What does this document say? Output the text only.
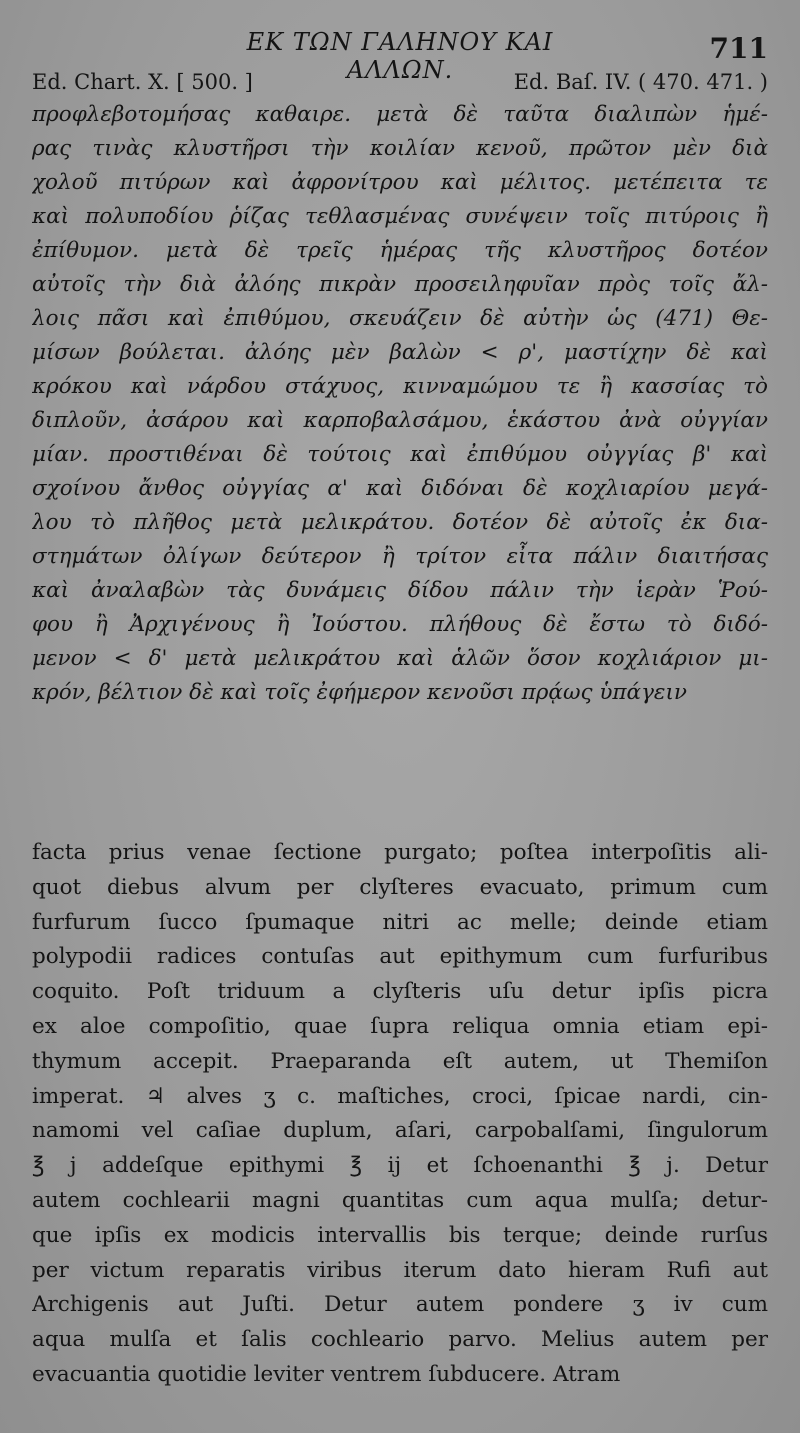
ΕΚ ΤΩΝ ΓΑΛΗΝΟΥ ΚΑΙ ΑΛΛΩΝ.
711
Ed. Chart. X. [ 500. ]	Ed. Baſ. IV. ( 470. 471. )
προφλεβοτομήσας καθαιρε. μετὰ δὲ ταῦτα διαλιπὼν ἡμέ-
ρας τινὰς κλυστῆρσι τὴν κοιλίαν κενοῦ, πρῶτον μὲν διὰ
χολοῦ πιτύρων καὶ ἀφρονίτρου καὶ μέλιτος. μετέπειτα τε
καὶ πολυποδίου ῥίζας τεθλασμένας συνέψειν τοῖς πιτύροις ἢ
ἐπίθυμον. μετὰ δὲ τρεῖς ἡμέρας τῆς κλυστῆρος δοτέον
αὐτοῖς τὴν διὰ ἀλόης πικρὰν προσειληφυῖαν πρὸς τοῖς ἄλ-
λοις πᾶσι καὶ ἐπιθύμου, σκευάζειν δὲ αὐτὴν ὡς (471) Θε-
μίσων βούλεται. ἀλόης μὲν βαλὼν < ρ', μαστίχην δὲ καὶ
κρόκου καὶ νάρδου στάχυος, κινναμώμου τε ἢ κασσίας τὸ
διπλοῦν, ἀσάρου καὶ καρποβαλσάμου, ἑκάστου ἀνὰ οὐγγίαν
μίαν. προστιθέναι δὲ τούτοις καὶ ἐπιθύμου οὐγγίας β' καὶ
σχοίνου ἄνθος οὐγγίας α' καὶ διδόναι δὲ κοχλιαρίου μεγά-
λου τὸ πλῆθος μετὰ μελικράτου. δοτέον δὲ αὐτοῖς ἐκ δια-
στημάτων ὀλίγων δεύτερον ἢ τρίτον εἶτα πάλιν διαιτήσας
καὶ ἀναλαβὼν τὰς δυνάμεις δίδου πάλιν τὴν ἱερὰν Ῥού-
φου ἢ Ἀρχιγένους ἢ Ἰούστου. πλήθους δὲ ἔστω τὸ διδό-
μενον < δ' μετὰ μελικράτου καὶ ἁλῶν ὅσον κοχλιάριον μι-
κρόν, βέλτιον δὲ καὶ τοῖς ἐφήμερον κενοῦσι πρᾴως ὑπάγειν
facta prius venae ſectione purgato; poſtea interpoſitis ali-
quot diebus alvum per clyſteres evacuato, primum cum
furfurum ſucco ſpumaque nitri ac melle; deinde etiam
polypodii radices contuſas aut epithymum cum furfuribus
coquito. Poſt triduum a clyſteris uſu detur ipſis picra
ex aloe compoſitio, quae ſupra reliqua omnia etiam epi-
thymum accepit. Praeparanda eſt autem, ut Themiſon
imperat. ♃ alves ʒ c. maſtiches, croci, ſpicae nardi, cin-
namomi vel caſiae duplum, aſari, carpobalſami, ſingulorum
℥ j addeſque epithymi ℥ ij et ſchoenanthi ℥ j. Detur
autem cochlearii magni quantitas cum aqua mulſa; detur-
que ipſis ex modicis intervallis bis terque; deinde rurſus
per victum reparatis viribus iterum dato hieram Rufi aut
Archigenis aut Juſti. Detur autem pondere ʒ iv cum
aqua mulſa et ſalis cochleario parvo. Melius autem per
evacuantia quotidie leviter ventrem ſubducere. Atram
